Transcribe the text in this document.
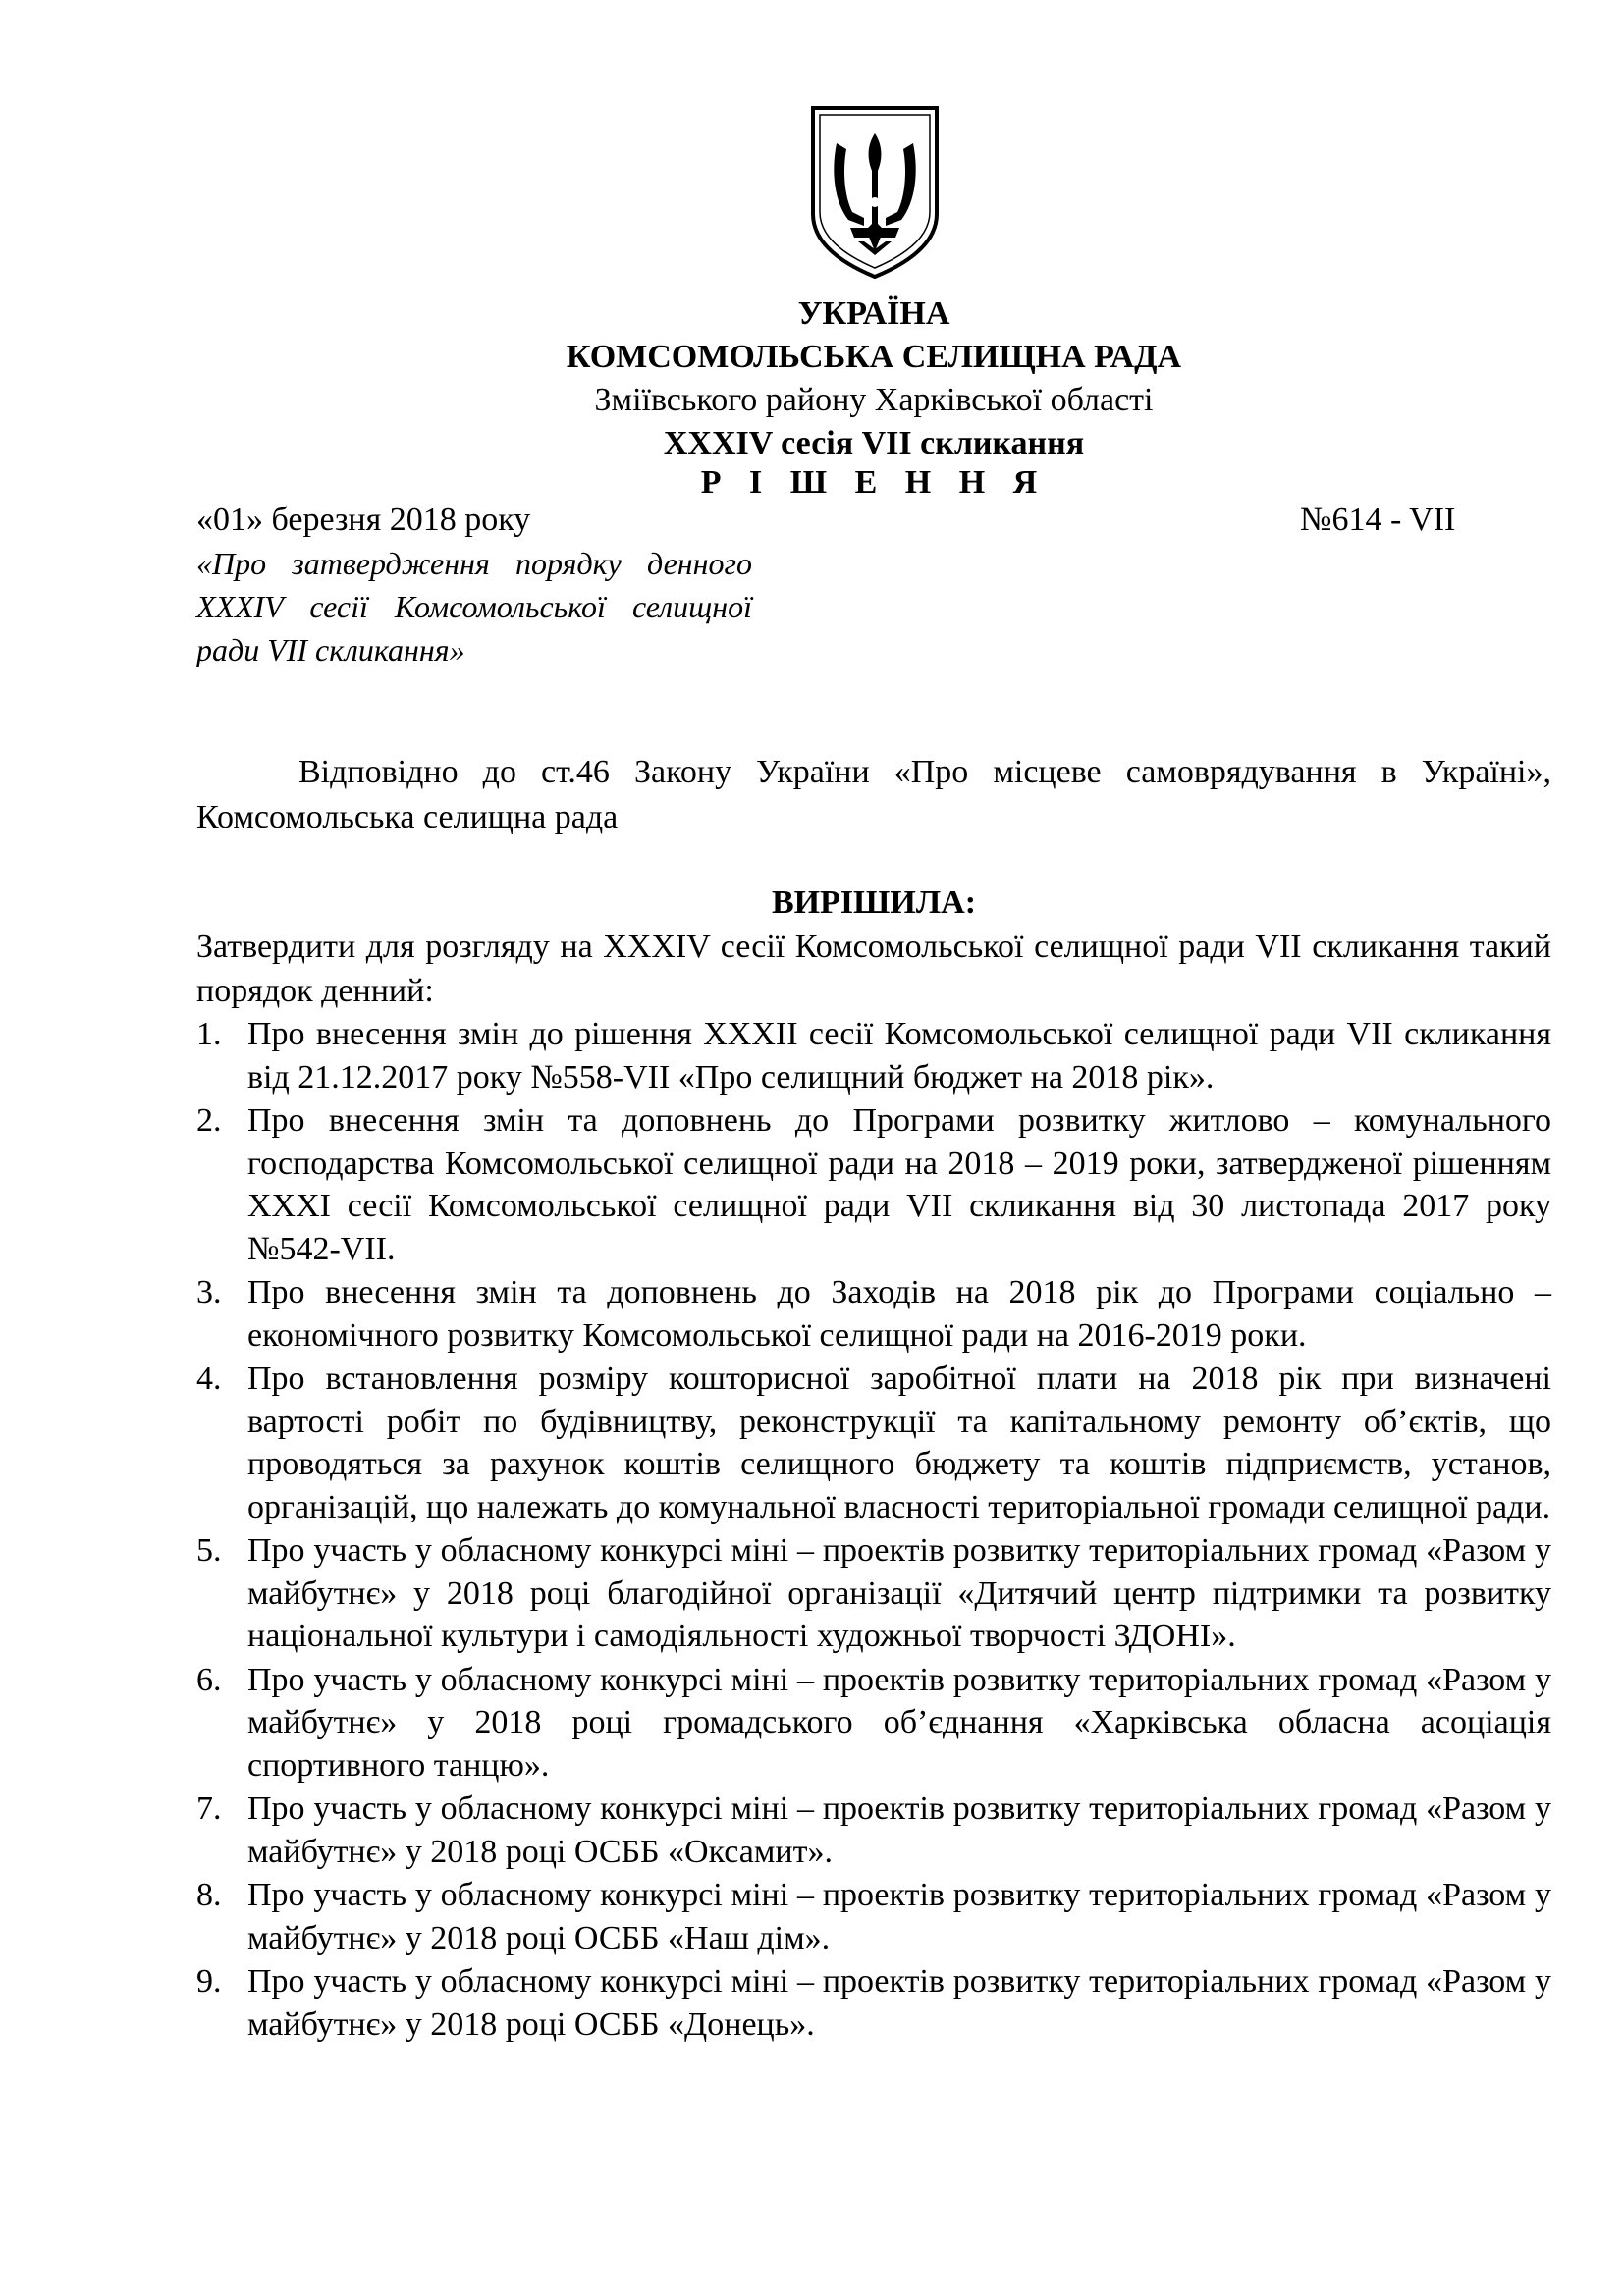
УКРАЇНА

КОМСОМОЛЬСЬКА СЕЛИЩНА РАДА

Зміївського району Харківської області

ХХХІV сесія VІІ скликання

Р І Ш Е Н Н Я

«01» березня 2018 року	№614 - VІІ

«Про затвердження порядку денного ХХХІV сесії Комсомольської селищної ради VII скликання»

Відповідно до ст.46 Закону України «Про місцеве самоврядування в Україні», Комсомольська селищна рада

ВИРІШИЛА:

Затвердити для розгляду на ХХХІV сесії Комсомольської селищної ради VІІ скликання такий порядок денний:

1. Про внесення змін до рішення ХХХІІ сесії Комсомольської селищної ради VІІ скликання від 21.12.2017 року №558-VІІ «Про селищний бюджет на 2018 рік».
2. Про внесення змін та доповнень до Програми розвитку житлово – комунального господарства Комсомольської селищної ради на 2018 – 2019 роки, затвердженої рішенням ХХХІ сесії Комсомольської селищної ради VІІ скликання від 30 листопада 2017 року №542-VІІ.
3. Про внесення змін та доповнень до Заходів на 2018 рік до Програми соціально – економічного розвитку Комсомольської селищної ради на 2016-2019 роки.
4. Про встановлення розміру кошторисної заробітної плати на 2018 рік при визначені вартості робіт по будівництву, реконструкції та капітальному ремонту об’єктів, що проводяться за рахунок коштів селищного бюджету та коштів підприємств, установ, організацій, що належать до комунальної власності територіальної громади селищної ради.
5. Про участь у обласному конкурсі міні – проектів розвитку територіальних громад «Разом у майбутнє» у 2018 році благодійної організації «Дитячий центр підтримки та розвитку національної культури і самодіяльності художньої творчості ЗДОНІ».
6. Про участь у обласному конкурсі міні – проектів розвитку територіальних громад «Разом у майбутнє» у 2018 році громадського об’єднання «Харківська обласна асоціація спортивного танцю».
7. Про участь у обласному конкурсі міні – проектів розвитку територіальних громад «Разом у майбутнє» у 2018 році ОСББ «Оксамит».
8. Про участь у обласному конкурсі міні – проектів розвитку територіальних громад «Разом у майбутнє» у 2018 році ОСББ «Наш дім».
9. Про участь у обласному конкурсі міні – проектів розвитку територіальних громад «Разом у майбутнє» у 2018 році ОСББ «Донець».
